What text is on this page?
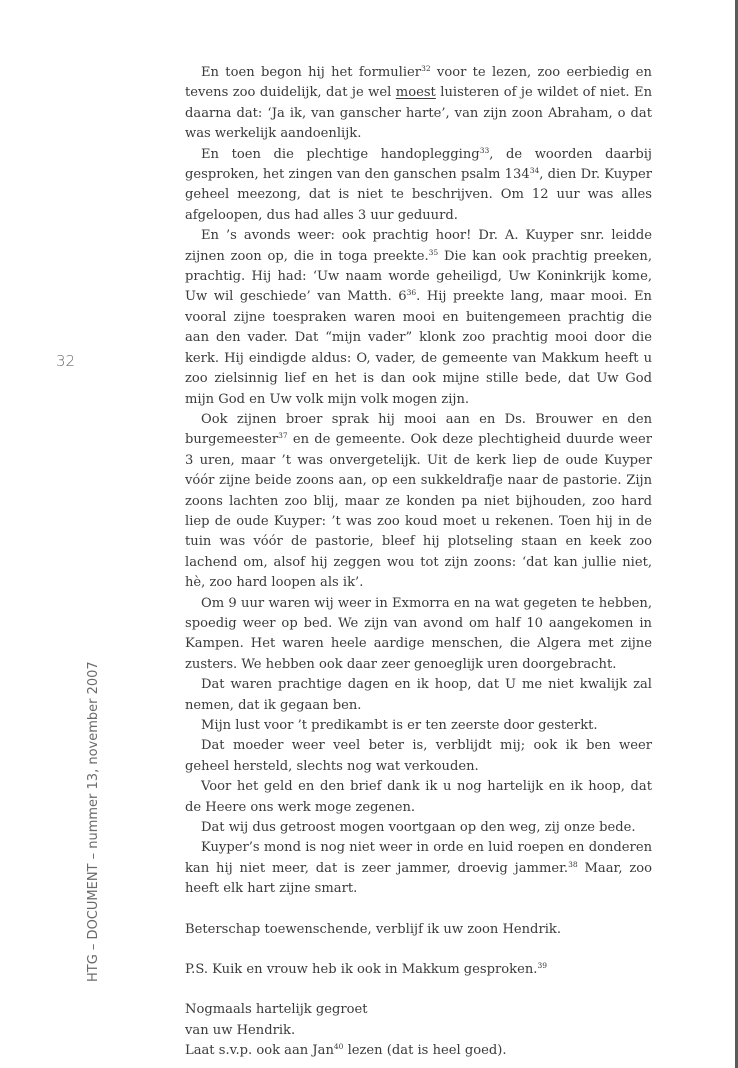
32
HTG – DOCUMENT – nummer 13, november 2007

En toen begon hij het formulier$^{32}$ voor te lezen, zoo eerbiedig en tevens zoo duidelijk, dat je wel moest luisteren of je wildet of niet. En daarna dat: ‘Ja ik, van ganscher harte’, van zijn zoon Abraham, o dat was werkelijk aandoenlijk.

En toen die plechtige handoplegging$^{33}$, de woorden daarbij gesproken, het zingen van den ganschen psalm $134^{34}$, dien Dr. Kuyper geheel meezong, dat is niet te beschrijven. Om 12 uur was alles afgeloopen, dus had alles 3 uur geduurd.

En ’s avonds weer: ook prachtig hoor! Dr. A. Kuyper snr. leidde zijnen zoon op, die in toga preekte.$^{35}$ Die kan ook prachtig preeken, prachtig. Hij had: ‘Uw naam worde geheiligd, Uw Koninkrijk kome, Uw wil geschiede’ van Matth. $6^{36}$. Hij preekte lang, maar mooi. En vooral zijne toespraken waren mooi en buitengemeen prachtig die aan den vader. Dat “mijn vader” klonk zoo prachtig mooi door die kerk. Hij eindigde aldus: O, vader, de gemeente van Makkum heeft u zoo zielsinnig lief en het is dan ook mijne stille bede, dat Uw God mijn God en Uw volk mijn volk mogen zijn.

Ook zijnen broer sprak hij mooi aan en Ds. Brouwer en den burgemeester$^{37}$ en de gemeente. Ook deze plechtigheid duurde weer 3 uren, maar ’t was onvergetelijk. Uit de kerk liep de oude Kuyper vóór zijne beide zoons aan, op een sukkeldrafje naar de pastorie. Zijn zoons lachten zoo blij, maar ze konden pa niet bijhouden, zoo hard liep de oude Kuyper: ’t was zoo koud moet u rekenen. Toen hij in de tuin was vóór de pastorie, bleef hij plotseling staan en keek zoo lachend om, alsof hij zeggen wou tot zijn zoons: ‘dat kan jullie niet, hè, zoo hard loopen als ik’.

Om 9 uur waren wij weer in Exmorra en na wat gegeten te hebben, spoedig weer op bed. We zijn van avond om half 10 aangekomen in Kampen. Het waren heele aardige menschen, die Algera met zijne zusters. We hebben ook daar zeer genoeglijk uren doorgebracht.

Dat waren prachtige dagen en ik hoop, dat U me niet kwalijk zal nemen, dat ik gegaan ben.

Mijn lust voor ’t predikambt is er ten zeerste door gesterkt.

Dat moeder weer veel beter is, verblijdt mij; ook ik ben weer geheel hersteld, slechts nog wat verkouden.

Voor het geld en den brief dank ik u nog hartelijk en ik hoop, dat de Heere ons werk moge zegenen.

Dat wij dus getroost mogen voortgaan op den weg, zij onze bede.

Kuyper’s mond is nog niet weer in orde en luid roepen en donderen kan hij niet meer, dat is zeer jammer, droevig jammer.$^{38}$ Maar, zoo heeft elk hart zijne smart.

Beterschap toewenschende, verblijf ik uw zoon Hendrik.

P.S. Kuik en vrouw heb ik ook in Makkum gesproken.$^{39}$

Nogmaals hartelijk gegroet

van uw Hendrik.

Laat s.v.p. ook aan Jan$^{40}$ lezen (dat is heel goed).
